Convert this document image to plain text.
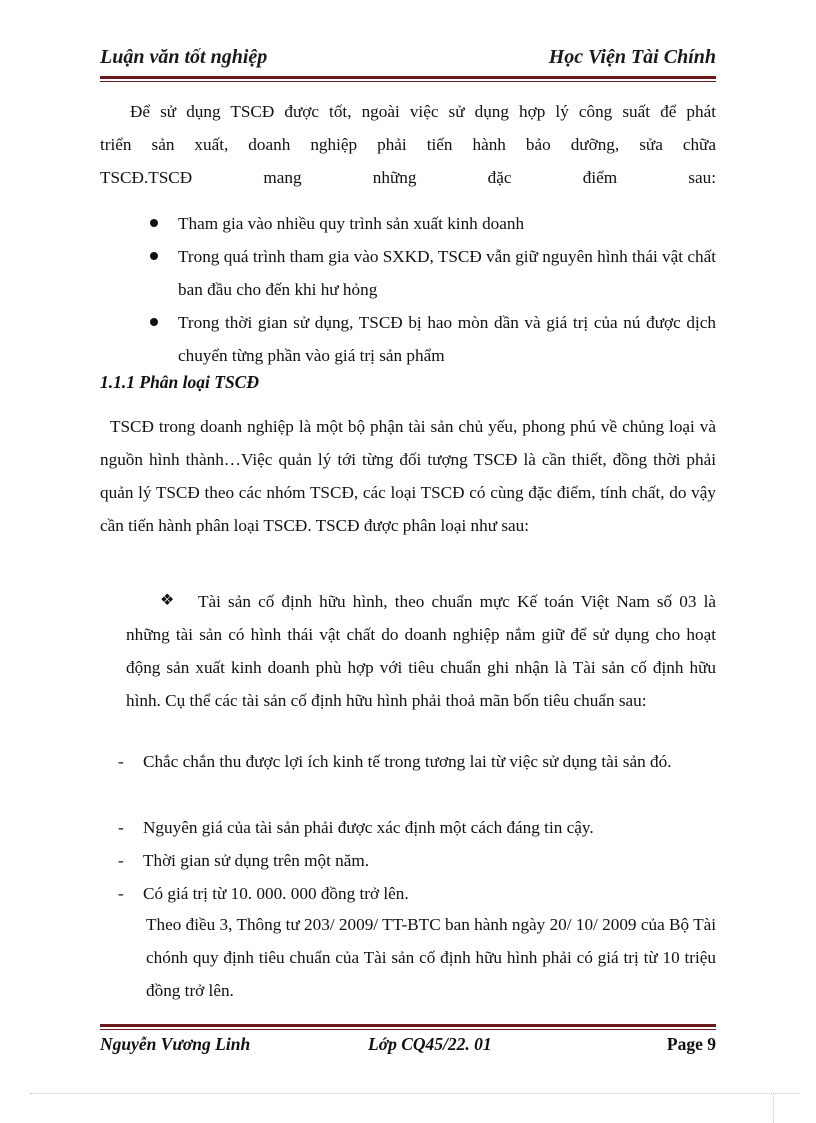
Luận văn tốt nghiệp	Học Viện Tài Chính
Để sử dụng TSCĐ được tốt, ngoài việc sử dụng hợp lý công suất để phát
triển sản xuất, doanh nghiệp phải tiến hành bảo dưỡng, sửa chữa
TSCĐ.TSCĐ mang những đặc điểm sau:
Tham gia vào nhiều quy trình sản xuất kinh doanh
Trong quá trình tham gia vào SXKD, TSCĐ vẫn giữ nguyên hình thái vật chất ban đầu cho đến khi hư hỏng
Trong thời gian sử dụng, TSCĐ bị hao mòn dần và giá trị của nú được dịch chuyển từng phần vào giá trị sản phẩm
1.1.1 Phân loại TSCĐ
TSCĐ trong doanh nghiệp là một bộ phận tài sản chủ yếu, phong phú về chủng loại và nguồn hình thành…Việc quản lý tới từng đối tượng TSCĐ là cần thiết, đồng thời phải quản lý TSCĐ theo các nhóm TSCĐ, các loại TSCĐ có cùng đặc điểm, tính chất, do vậy cần tiến hành phân loại TSCĐ. TSCĐ được phân loại như sau:
❖	Tài sản cố định hữu hình, theo chuẩn mực Kế toán Việt Nam số 03 là những tài sản có hình thái vật chất do doanh nghiệp nắm giữ để sử dụng cho hoạt động sản xuất kinh doanh phù hợp với tiêu chuẩn ghi nhận là Tài sản cố định hữu hình. Cụ thể các tài sản cố định hữu hình phải thoả mãn bốn tiêu chuẩn sau:
- Chắc chắn thu được lợi ích kinh tế trong tương lai từ việc sử dụng tài sản đó.
- Nguyên giá của tài sản phải được xác định một cách đáng tin cậy.
- Thời gian sử dụng trên một năm.
- Có giá trị từ 10. 000. 000 đồng trở lên.
Theo điều 3, Thông tư 203/ 2009/ TT-BTC ban hành ngày 20/ 10/ 2009 của Bộ Tài chónh quy định tiêu chuẩn của Tài sản cố định hữu hình phải có giá trị từ 10 triệu đồng trở lên.
Nguyễn Vương Linh	Lớp CQ45/22. 01	Page 9
